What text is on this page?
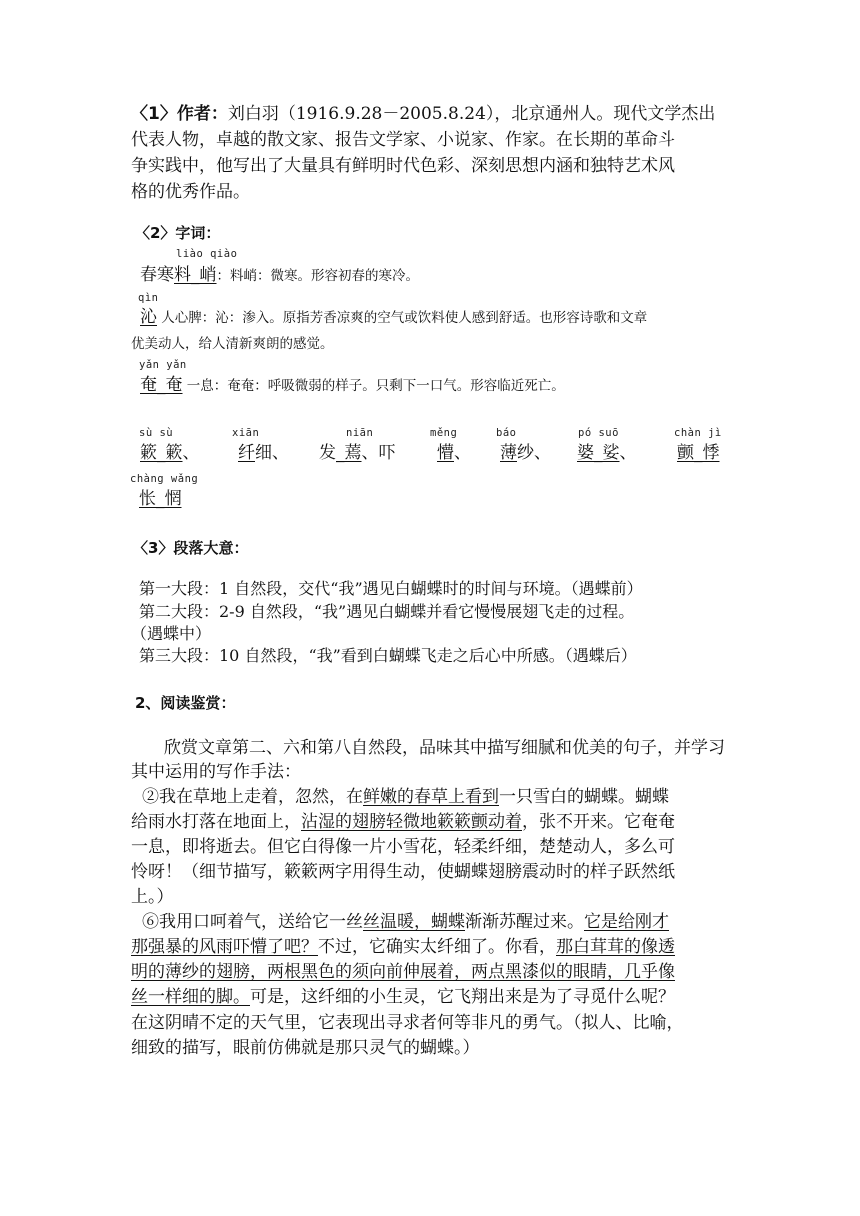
〈1〉作者：刘白羽（1916.9.28－2005.8.24），北京通州人。现代文学杰出
代表人物，卓越的散文家、报告文学家、小说家、作家。在长期的革命斗
争实践中，他写出了大量具有鲜明时代色彩、深刻思想内涵和独特艺术风
格的优秀作品。
〈2〉字词：
liào qiào
春寒料_峭：料峭：微寒。形容初春的寒冷。
qìn
沁 人心脾：沁：渗入。原指芳香凉爽的空气或饮料使人感到舒适。也形容诗歌和文章
优美动人，给人清新爽朗的感觉。
yǎn yǎn
奄_奄 一息：奄奄：呼吸微弱的样子。只剩下一口气。形容临近死亡。
sù sù
簌_簌、
xiān
纤细、
niān
发_蔫、吓
měng
懵、
báo
薄纱、
pó suō
婆_娑、
chàn jì
颤_悸
chàng wǎng
怅_惘
〈3〉段落大意：
第一大段：1 自然段，交代“我”遇见白蝴蝶时的时间与环境。（遇蝶前）
第二大段：2-9 自然段，“我”遇见白蝴蝶并看它慢慢展翅飞走的过程。
（遇蝶中）
第三大段：10 自然段，“我”看到白蝴蝶飞走之后心中所感。（遇蝶后）
2、阅读鉴赏：
欣赏文章第二、六和第八自然段，品味其中描写细腻和优美的句子，并学习
其中运用的写作手法：
②我在草地上走着，忽然，在鲜嫩的春草上看到一只雪白的蝴蝶。蝴蝶
给雨水打落在地面上，沾湿的翅膀轻微地簌簌颤动着，张不开来。它奄奄
一息，即将逝去。但它白得像一片小雪花，轻柔纤细，楚楚动人，多么可
怜呀！（细节描写，簌簌两字用得生动，使蝴蝶翅膀震动时的样子跃然纸
上。）
⑥我用口呵着气，送给它一丝丝温暖，蝴蝶渐渐苏醒过来。它是给刚才
那强暴的风雨吓懵了吧？不过，它确实太纤细了。你看，那白茸茸的像透
明的薄纱的翅膀，两根黑色的须向前伸展着，两点黑漆似的眼睛，几乎像
丝一样细的脚。可是，这纤细的小生灵，它飞翔出来是为了寻觅什么呢？
在这阴晴不定的天气里，它表现出寻求者何等非凡的勇气。（拟人、比喻，
细致的描写，眼前仿佛就是那只灵气的蝴蝶。）
